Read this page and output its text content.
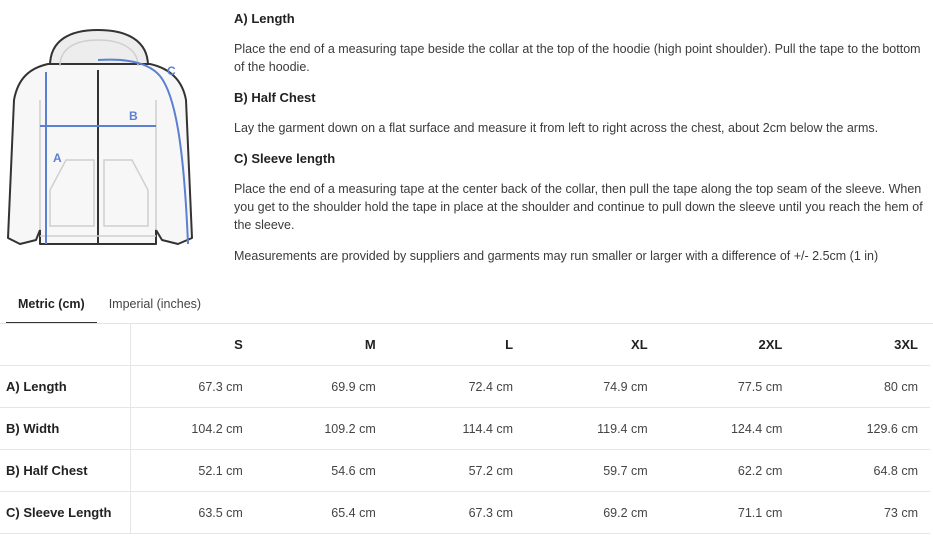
A
B
C

A) Length

Place the end of a measuring tape beside the collar at the top of the hoodie (high point shoulder). Pull the tape to the bottom of the hoodie.

B) Half Chest

Lay the garment down on a flat surface and measure it from left to right across the chest, about 2cm below the arms.

C) Sleeve length

Place the end of a measuring tape at the center back of the collar, then pull the tape along the top seam of the sleeve. When you get to the shoulder hold the tape in place at the shoulder and continue to pull down the sleeve until you reach the hem of the sleeve.

Measurements are provided by suppliers and garments may run smaller or larger with a difference of +/- 2.5cm (1 in)

Metric (cm)	Imperial (inches)
	S	M	L	XL	2XL	3XL
A) Length	67.3 cm	69.9 cm	72.4 cm	74.9 cm	77.5 cm	80 cm
B) Width	104.2 cm	109.2 cm	114.4 cm	119.4 cm	124.4 cm	129.6 cm
B) Half Chest	52.1 cm	54.6 cm	57.2 cm	59.7 cm	62.2 cm	64.8 cm
C) Sleeve Length	63.5 cm	65.4 cm	67.3 cm	69.2 cm	71.1 cm	73 cm
